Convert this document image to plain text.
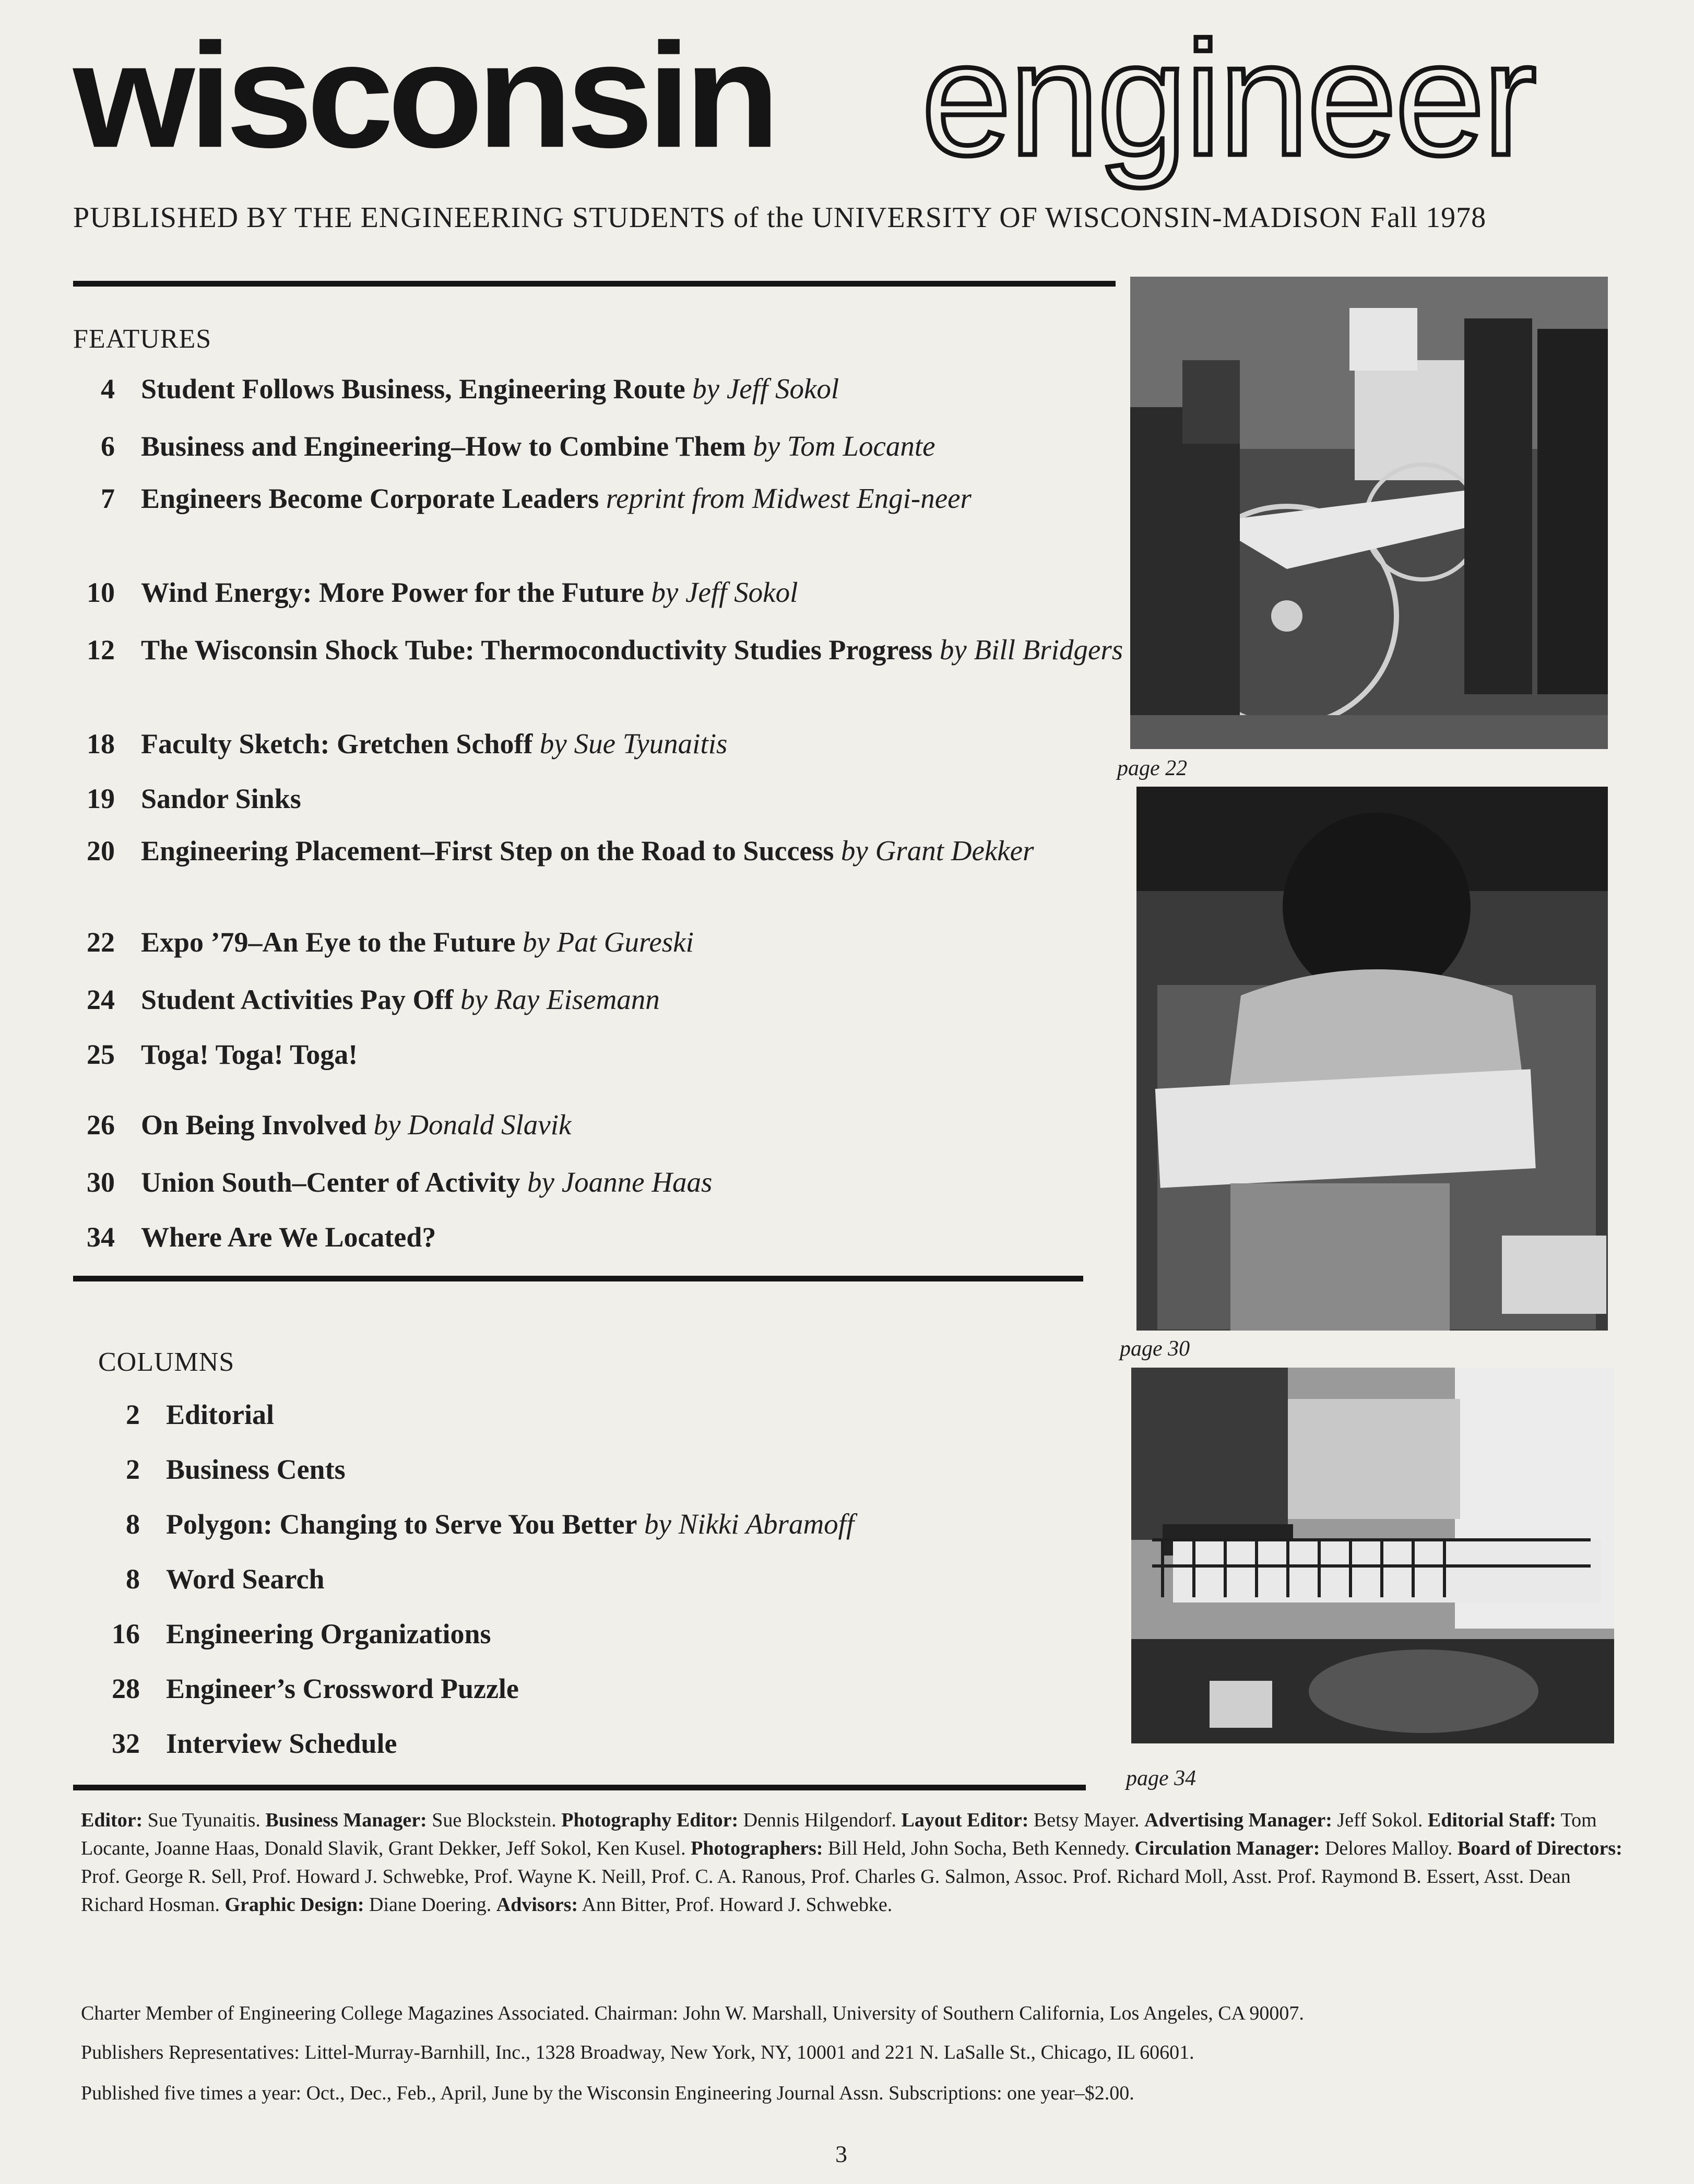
wisconsin engineer
PUBLISHED BY THE ENGINEERING STUDENTS of the UNIVERSITY OF WISCONSIN-MADISON Fall 1978
FEATURES
4 Student Follows Business, Engineering Route by Jeff Sokol
6 Business and Engineering–How to Combine Them by Tom Locante
7 Engineers Become Corporate Leaders reprint from Midwest Engi-neer
10 Wind Energy: More Power for the Future by Jeff Sokol
12 The Wisconsin Shock Tube: Thermoconductivity Studies Progress by Bill Bridgers
18 Faculty Sketch: Gretchen Schoff by Sue Tyunaitis
19 Sandor Sinks
20 Engineering Placement–First Step on the Road to Success by Grant Dekker
22 Expo ’79–An Eye to the Future by Pat Gureski
24 Student Activities Pay Off by Ray Eisemann
25 Toga! Toga! Toga!
26 On Being Involved by Donald Slavik
30 Union South–Center of Activity by Joanne Haas
34 Where Are We Located?
COLUMNS
2 Editorial
2 Business Cents
8 Polygon: Changing to Serve You Better by Nikki Abramoff
8 Word Search
16 Engineering Organizations
28 Engineer’s Crossword Puzzle
32 Interview Schedule
page 22
page 30
page 34
Editor: Sue Tyunaitis. Business Manager: Sue Blockstein. Photography Editor: Dennis Hilgendorf. Layout Editor: Betsy Mayer. Advertising Manager: Jeff Sokol. Editorial Staff: Tom Locante, Joanne Haas, Donald Slavik, Grant Dekker, Jeff Sokol, Ken Kusel. Photographers: Bill Held, John Socha, Beth Kennedy. Circulation Manager: Delores Malloy. Board of Directors: Prof. George R. Sell, Prof. Howard J. Schwebke, Prof. Wayne K. Neill, Prof. C. A. Ranous, Prof. Charles G. Salmon, Assoc. Prof. Richard Moll, Asst. Prof. Raymond B. Essert, Asst. Dean Richard Hosman. Graphic Design: Diane Doering. Advisors: Ann Bitter, Prof. Howard J. Schwebke.
Charter Member of Engineering College Magazines Associated. Chairman: John W. Marshall, University of Southern California, Los Angeles, CA 90007.
Publishers Representatives: Littel-Murray-Barnhill, Inc., 1328 Broadway, New York, NY, 10001 and 221 N. LaSalle St., Chicago, IL 60601.
Published five times a year: Oct., Dec., Feb., April, June by the Wisconsin Engineering Journal Assn. Subscriptions: one year–$2.00.
3
